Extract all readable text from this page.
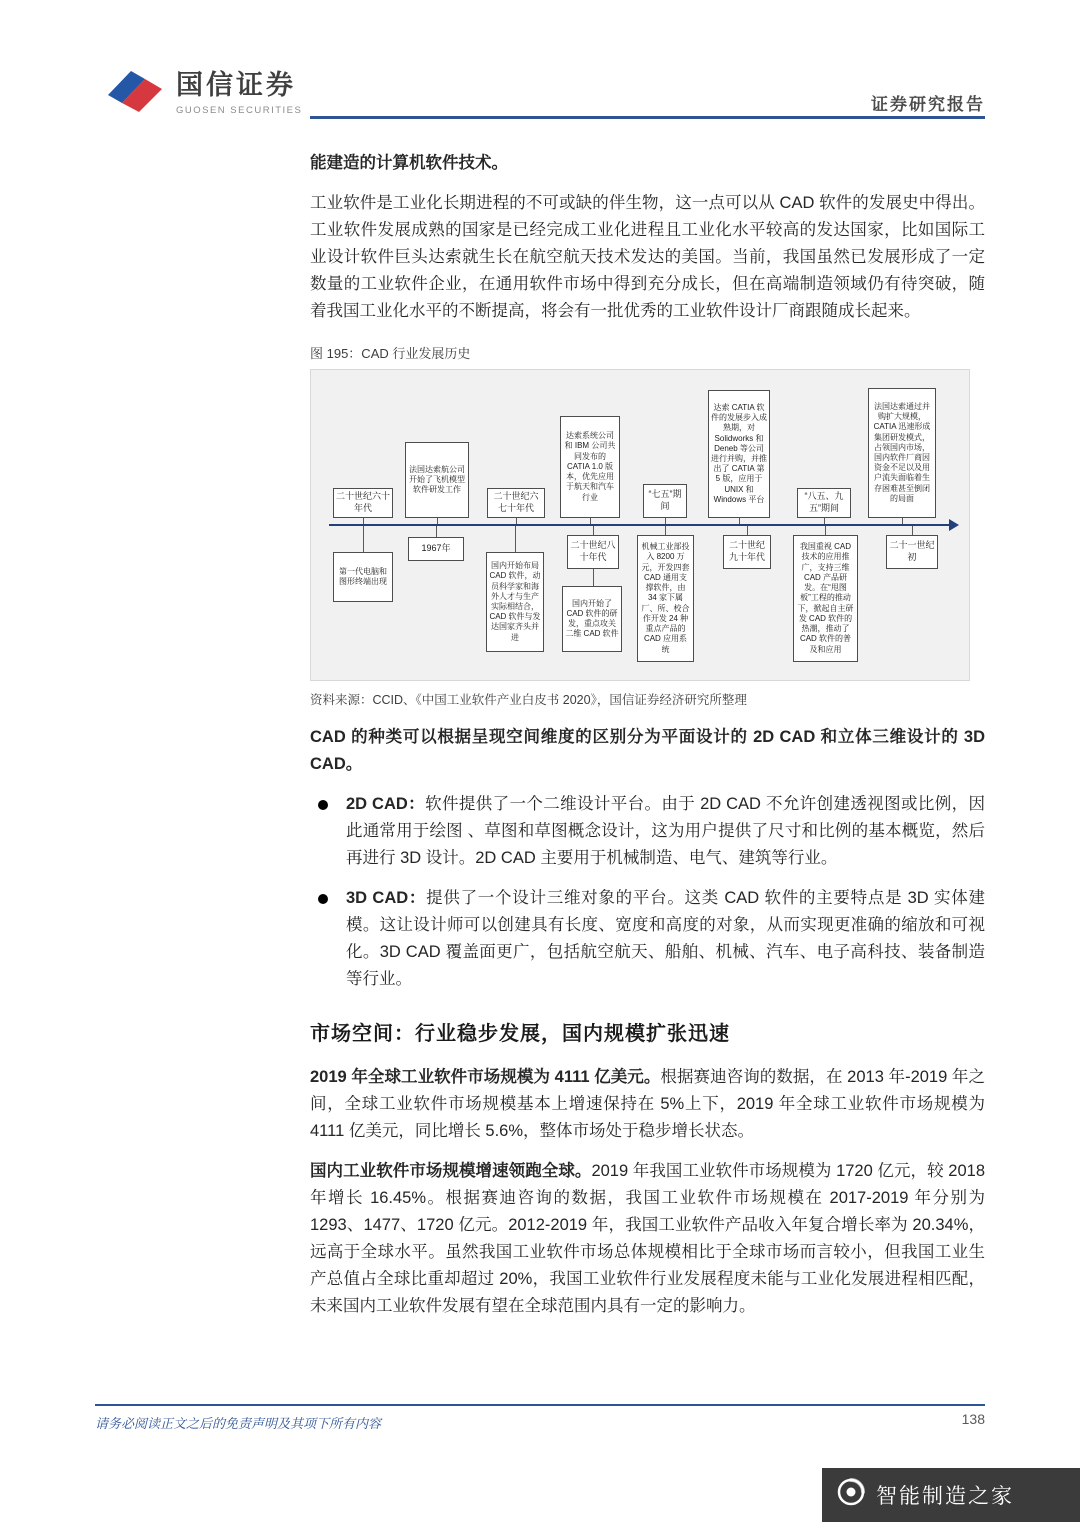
国信证券
GUOSEN SECURITIES	证券研究报告

能建造的计算机软件技术。

工业软件是工业化长期进程的不可或缺的伴生物，这一点可以从 CAD 软件的发展史中得出。工业软件发展成熟的国家是已经完成工业化进程且工业化水平较高的发达国家，比如国际工业设计软件巨头达索就生长在航空航天技术发达的美国。当前，我国虽然已发展形成了一定数量的工业软件企业，在通用软件市场中得到充分成长，但在高端制造领域仍有待突破，随着我国工业化水平的不断提高，将会有一批优秀的工业软件设计厂商跟随成长起来。

图 195：CAD 行业发展历史
二十世纪六十年代
法国达索航公司开始了飞机模型软件研发工作
二十世纪六七十年代
达索系统公司和 IBM 公司共同发布的 CATIA 1.0 版本，优先应用于航天和汽车行业	“七五”期间
达索 CATIA 软件的发展步入成熟期，对 Solidworks 和 Deneb 等公司进行并购，并推出了 CATIA 第 5 版，应用于 UNIX 和 Windows 平台	“八五、九五”期间
法国达索通过并购扩大规模，CATIA 迅速形成集团研发模式，占领国内市场，国内软件厂商因资金不足以及用户流失面临着生存困难甚至倒闭的局面
第一代电脑和图形终端出现
1967年
国内开始布局 CAD 软件，动员科学家和海外人才与生产实际相结合，CAD 软件与发达国家齐头并进
二十世纪八十年代
国内开始了 CAD 软件的研发，重点攻关二维 CAD 软件
机械工业部投入 8200 万元，开发四套 CAD 通用支撑软件，由 34 家下属厂、所、校合作开发 24 种重点产品的 CAD 应用系统
二十世纪九十年代
我国重视 CAD 技术的应用推广，支持三维 CAD 产品研发。在“甩图板”工程的推动下，掀起自主研发 CAD 软件的热潮，推动了 CAD 软件的普及和应用
二十一世纪初
资料来源：CCID、《中国工业软件产业白皮书 2020》，国信证券经济研究所整理

CAD 的种类可以根据呈现空间维度的区别分为平面设计的 2D CAD 和立体三维设计的 3D CAD。

2D CAD：软件提供了一个二维设计平台。由于 2D CAD 不允许创建透视图或比例，因此通常用于绘图 、草图和草图概念设计，这为用户提供了尺寸和比例的基本概览，然后再进行 3D 设计。2D CAD 主要用于机械制造、电气、建筑等行业。
3D CAD：提供了一个设计三维对象的平台。这类 CAD 软件的主要特点是 3D 实体建模。这让设计师可以创建具有长度、宽度和高度的对象，从而实现更准确的缩放和可视化。3D CAD 覆盖面更广，包括航空航天、船舶、机械、汽车、电子高科技、装备制造等行业。
市场空间：行业稳步发展，国内规模扩张迅速

2019 年全球工业软件市场规模为 4111 亿美元。根据赛迪咨询的数据，在 2013 年-2019 年之间，全球工业软件市场规模基本上增速保持在 5%上下，2019 年全球工业软件市场规模为 4111 亿美元，同比增长 5.6%，整体市场处于稳步增长状态。

国内工业软件市场规模增速领跑全球。2019 年我国工业软件市场规模为 1720 亿元，较 2018 年增长 16.45%。根据赛迪咨询的数据，我国工业软件市场规模在 2017-2019 年分别为 1293、1477、1720 亿元。2012-2019 年，我国工业软件产品收入年复合增长率为 20.34%，远高于全球水平。虽然我国工业软件市场总体规模相比于全球市场而言较小，但我国工业生产总值占全球比重却超过 20%，我国工业软件行业发展程度未能与工业化发展进程相匹配，未来国内工业软件发展有望在全球范围内具有一定的影响力。

请务必阅读正文之后的免责声明及其项下所有内容	138
智能制造之家
